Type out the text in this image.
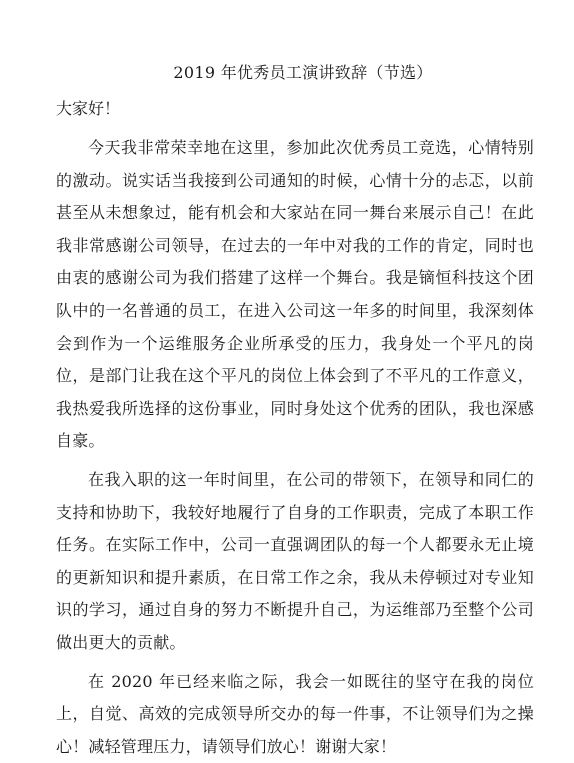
2019 年优秀员工演讲致辞（节选）
大家好！

今天我非常荣幸地在这里，参加此次优秀员工竞选，心情特别的激动。说实话当我接到公司通知的时候，心情十分的忐忑，以前甚至从未想象过，能有机会和大家站在同一舞台来展示自己！在此我非常感谢公司领导，在过去的一年中对我的工作的肯定，同时也由衷的感谢公司为我们搭建了这样一个舞台。我是镝恒科技这个团队中的一名普通的员工，在进入公司这一年多的时间里，我深刻体会到作为一个运维服务企业所承受的压力，我身处一个平凡的岗位，是部门让我在这个平凡的岗位上体会到了不平凡的工作意义，我热爱我所选择的这份事业，同时身处这个优秀的团队，我也深感自豪。

在我入职的这一年时间里，在公司的带领下，在领导和同仁的支持和协助下，我较好地履行了自身的工作职责，完成了本职工作任务。在实际工作中，公司一直强调团队的每一个人都要永无止境的更新知识和提升素质，在日常工作之余，我从未停顿过对专业知识的学习，通过自身的努力不断提升自己，为运维部乃至整个公司做出更大的贡献。

在 2020 年已经来临之际，我会一如既往的坚守在我的岗位上，自觉、高效的完成领导所交办的每一件事，不让领导们为之操心！减轻管理压力，请领导们放心！谢谢大家！
